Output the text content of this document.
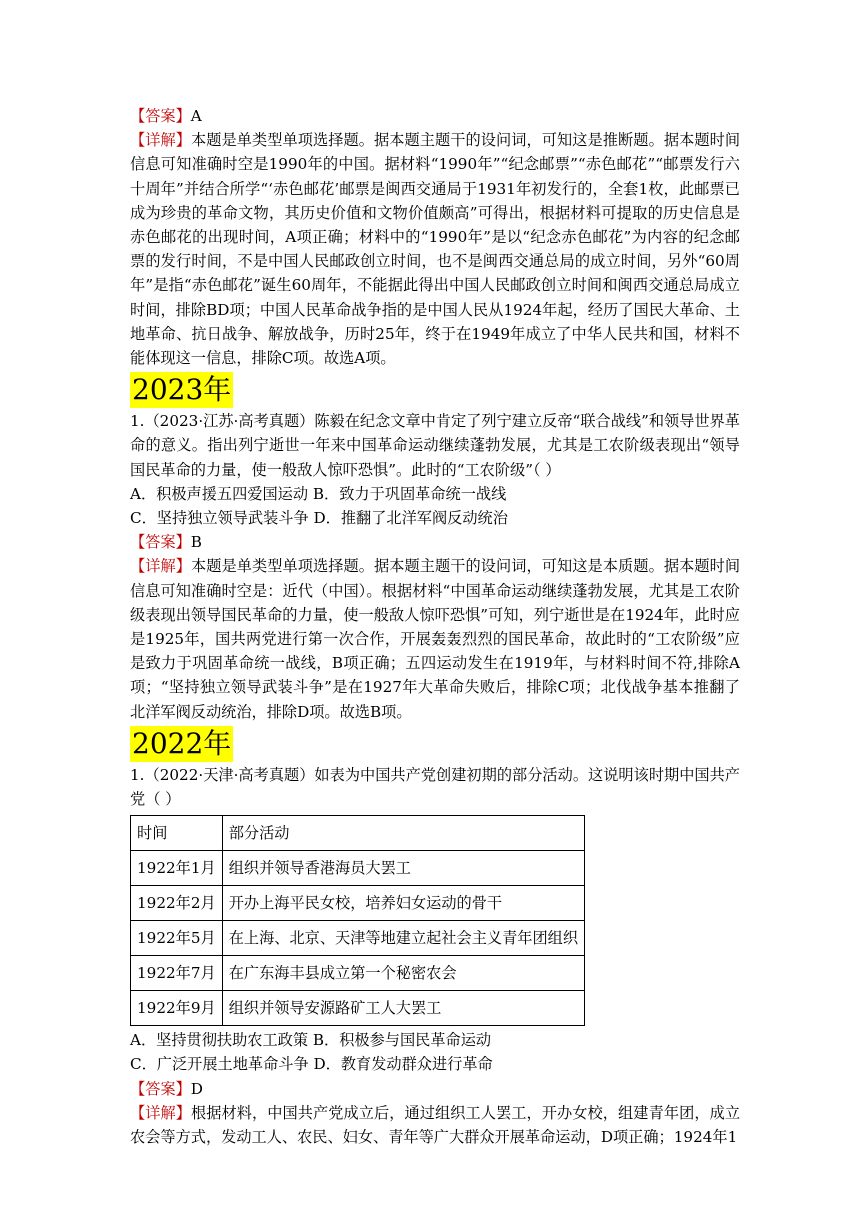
【答案】A

【详解】本题是单类型单项选择题。据本题主题干的设问词，可知这是推断题。据本题时间信息可知准确时空是1990年的中国。据材料“1990年”“纪念邮票”“赤色邮花”“邮票发行六十周年”并结合所学“‘赤色邮花’邮票是闽西交通局于1931年初发行的，全套1枚，此邮票已成为珍贵的革命文物，其历史价值和文物价值颇高”可得出，根据材料可提取的历史信息是赤色邮花的出现时间，A项正确；材料中的“1990年”是以“纪念赤色邮花”为内容的纪念邮票的发行时间，不是中国人民邮政创立时间，也不是闽西交通总局的成立时间，另外“60周年”是指“赤色邮花”诞生60周年，不能据此得出中国人民邮政创立时间和闽西交通总局成立时间，排除BD项；中国人民革命战争指的是中国人民从1924年起，经历了国民大革命、土地革命、抗日战争、解放战争，历时25年，终于在1949年成立了中华人民共和国，材料不能体现这一信息，排除C项。故选A项。

2023年

1.（2023·江苏·高考真题）陈毅在纪念文章中肯定了列宁建立反帝“联合战线”和领导世界革命的意义。指出列宁逝世一年来中国革命运动继续蓬勃发展，尤其是工农阶级表现出“领导国民革命的力量，使一般敌人惊吓恐惧”。此时的“工农阶级”（ ）

A．积极声援五四爱国运动 B．致力于巩固革命统一战线

C．坚持独立领导武装斗争 D．推翻了北洋军阀反动统治

【答案】B

【详解】本题是单类型单项选择题。据本题主题干的设问词，可知这是本质题。据本题时间信息可知准确时空是：近代（中国）。根据材料“中国革命运动继续蓬勃发展，尤其是工农阶级表现出领导国民革命的力量，使一般敌人惊吓恐惧”可知，列宁逝世是在1924年，此时应是1925年，国共两党进行第一次合作，开展轰轰烈烈的国民革命，故此时的“工农阶级”应是致力于巩固革命统一战线，B项正确；五四运动发生在1919年，与材料时间不符,排除A项；“坚持独立领导武装斗争”是在1927年大革命失败后，排除C项；北伐战争基本推翻了北洋军阀反动统治，排除D项。故选B项。

2022年

1.（2022·天津·高考真题）如表为中国共产党创建初期的部分活动。这说明该时期中国共产党（ ）

时间	部分活动
1922年1月	组织并领导香港海员大罢工
1922年2月	开办上海平民女校，培养妇女运动的骨干
1922年5月	在上海、北京、天津等地建立起社会主义青年团组织
1922年7月	在广东海丰县成立第一个秘密农会
1922年9月	组织并领导安源路矿工人大罢工

A．坚持贯彻扶助农工政策 B．积极参与国民革命运动

C．广泛开展土地革命斗争 D．教育发动群众进行革命

【答案】D

【详解】根据材料，中国共产党成立后，通过组织工人罢工，开办女校，组建青年团，成立农会等方式，发动工人、农民、妇女、青年等广大群众开展革命运动，D项正确；1924年1
